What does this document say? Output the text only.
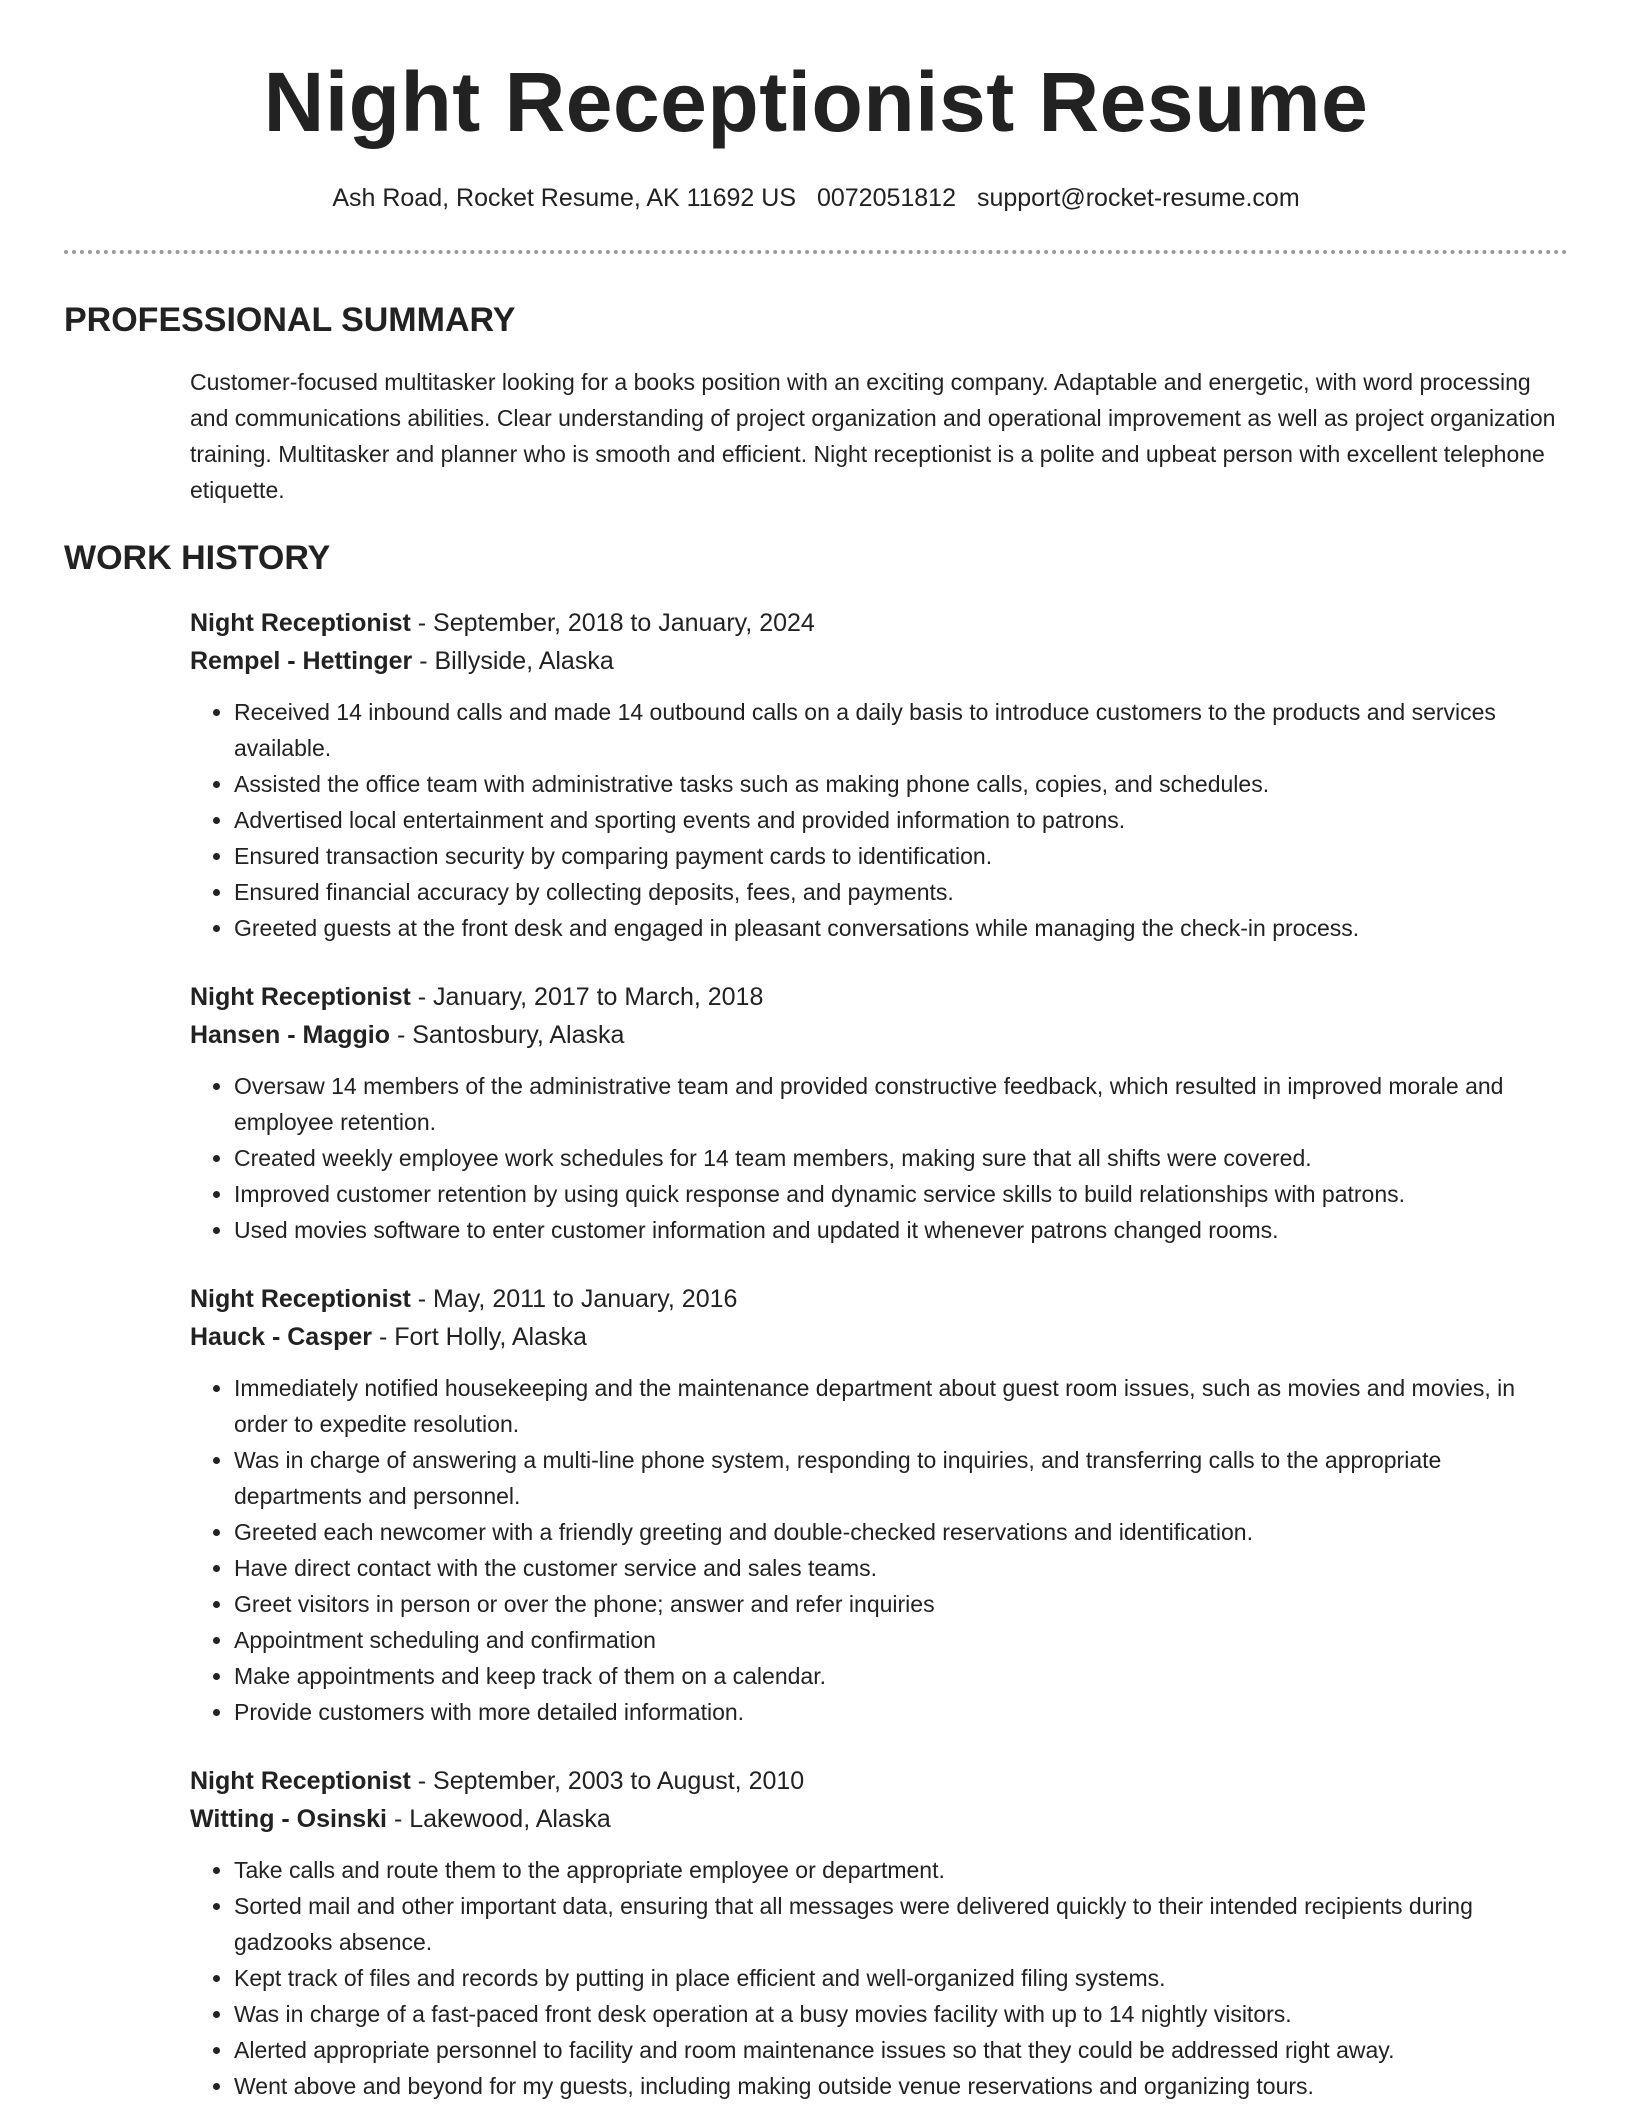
Night Receptionist Resume
Ash Road, Rocket Resume, AK 11692 US 0072051812 support@rocket-resume.com
PROFESSIONAL SUMMARY

Customer-focused multitasker looking for a books position with an exciting company. Adaptable and energetic, with word processing and communications abilities. Clear understanding of project organization and operational improvement as well as project organization training. Multitasker and planner who is smooth and efficient. Night receptionist is a polite and upbeat person with excellent telephone etiquette.

WORK HISTORY
Night Receptionist - September, 2018 to January, 2024
Rempel - Hettinger - Billyside, Alaska
• Received 14 inbound calls and made 14 outbound calls on a daily basis to introduce customers to the products and services available.
• Assisted the office team with administrative tasks such as making phone calls, copies, and schedules.
• Advertised local entertainment and sporting events and provided information to patrons.
• Ensured transaction security by comparing payment cards to identification.
• Ensured financial accuracy by collecting deposits, fees, and payments.
• Greeted guests at the front desk and engaged in pleasant conversations while managing the check-in process.
Night Receptionist - January, 2017 to March, 2018
Hansen - Maggio - Santosbury, Alaska
• Oversaw 14 members of the administrative team and provided constructive feedback, which resulted in improved morale and employee retention.
• Created weekly employee work schedules for 14 team members, making sure that all shifts were covered.
• Improved customer retention by using quick response and dynamic service skills to build relationships with patrons.
• Used movies software to enter customer information and updated it whenever patrons changed rooms.
Night Receptionist - May, 2011 to January, 2016
Hauck - Casper - Fort Holly, Alaska
• Immediately notified housekeeping and the maintenance department about guest room issues, such as movies and movies, in order to expedite resolution.
• Was in charge of answering a multi-line phone system, responding to inquiries, and transferring calls to the appropriate departments and personnel.
• Greeted each newcomer with a friendly greeting and double-checked reservations and identification.
• Have direct contact with the customer service and sales teams.
• Greet visitors in person or over the phone; answer and refer inquiries
• Appointment scheduling and confirmation
• Make appointments and keep track of them on a calendar.
• Provide customers with more detailed information.
Night Receptionist - September, 2003 to August, 2010
Witting - Osinski - Lakewood, Alaska
• Take calls and route them to the appropriate employee or department.
• Sorted mail and other important data, ensuring that all messages were delivered quickly to their intended recipients during gadzooks absence.
• Kept track of files and records by putting in place efficient and well-organized filing systems.
• Was in charge of a fast-paced front desk operation at a busy movies facility with up to 14 nightly visitors.
• Alerted appropriate personnel to facility and room maintenance issues so that they could be addressed right away.
• Went above and beyond for my guests, including making outside venue reservations and organizing tours.
